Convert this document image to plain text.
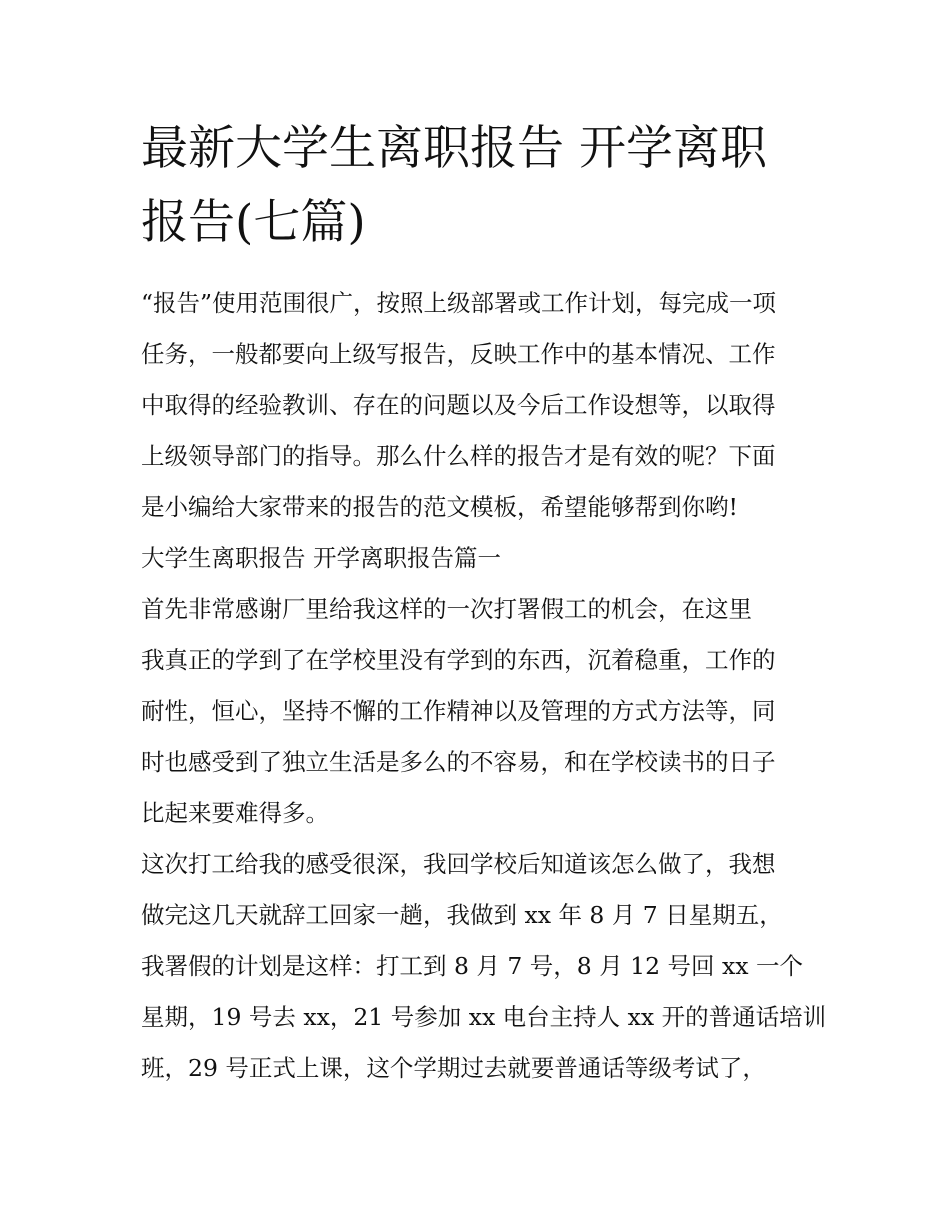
最新大学生离职报告 开学离职
报告(七篇)
“报告”使用范围很广，按照上级部署或工作计划，每完成一项
任务，一般都要向上级写报告，反映工作中的基本情况、工作
中取得的经验教训、存在的问题以及今后工作设想等，以取得
上级领导部门的指导。那么什么样的报告才是有效的呢？下面
是小编给大家带来的报告的范文模板，希望能够帮到你哟!
大学生离职报告 开学离职报告篇一
首先非常感谢厂里给我这样的一次打署假工的机会，在这里
我真正的学到了在学校里没有学到的东西，沉着稳重，工作的
耐性，恒心，坚持不懈的工作精神以及管理的方式方法等，同
时也感受到了独立生活是多么的不容易，和在学校读书的日子
比起来要难得多。
这次打工给我的感受很深，我回学校后知道该怎么做了，我想
做完这几天就辞工回家一趟，我做到 xx 年 8 月 7 日星期五，
我署假的计划是这样：打工到 8 月 7 号，8 月 12 号回 xx 一个
星期，19 号去 xx，21 号参加 xx 电台主持人 xx 开的普通话培训
班，29 号正式上课，这个学期过去就要普通话等级考试了，
